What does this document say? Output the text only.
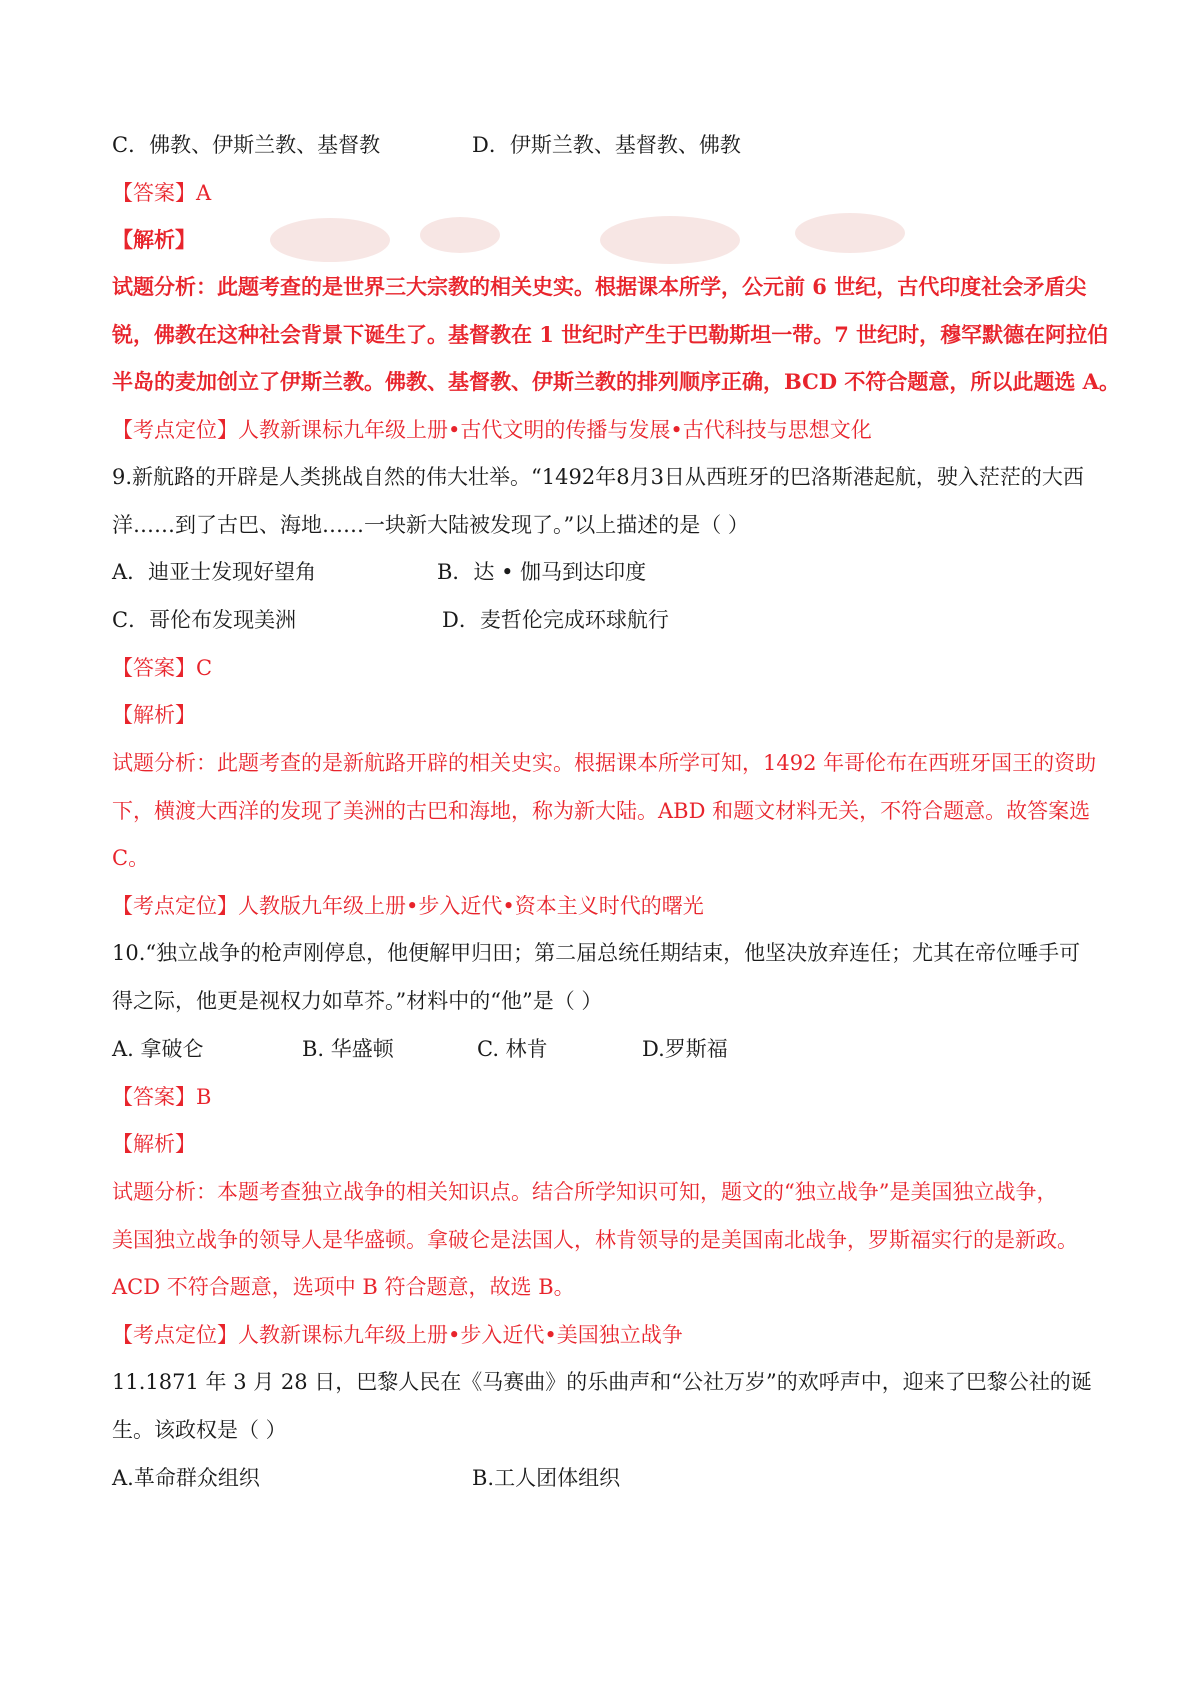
C．佛教、伊斯兰教、基督教	D．伊斯兰教、基督教、佛教
【答案】A
【解析】
试题分析：此题考查的是世界三大宗教的相关史实。根据课本所学，公元前 6 世纪，古代印度社会矛盾尖
锐，佛教在这种社会背景下诞生了。基督教在 1 世纪时产生于巴勒斯坦一带。7 世纪时，穆罕默德在阿拉伯
半岛的麦加创立了伊斯兰教。佛教、基督教、伊斯兰教的排列顺序正确，BCD 不符合题意，所以此题选 A。
【考点定位】人教新课标九年级上册•古代文明的传播与发展•古代科技与思想文化
9.新航路的开辟是人类挑战自然的伟大壮举。“1492年8月3日从西班牙的巴洛斯港起航，驶入茫茫的大西
洋……到了古巴、海地……一块新大陆被发现了。”以上描述的是（ ）
A．迪亚士发现好望角	B．达 • 伽马到达印度
C．哥伦布发现美洲	D．麦哲伦完成环球航行
【答案】C
【解析】
试题分析：此题考查的是新航路开辟的相关史实。根据课本所学可知，1492 年哥伦布在西班牙国王的资助
下，横渡大西洋的发现了美洲的古巴和海地，称为新大陆。ABD 和题文材料无关，不符合题意。故答案选
C。
【考点定位】人教版九年级上册•步入近代•资本主义时代的曙光
10.“独立战争的枪声刚停息，他便解甲归田；第二届总统任期结束，他坚决放弃连任；尤其在帝位唾手可
得之际，他更是视权力如草芥。”材料中的“他”是（ ）
A. 拿破仑	B. 华盛顿	C. 林肯	D.罗斯福
【答案】B
【解析】
试题分析：本题考查独立战争的相关知识点。结合所学知识可知，题文的“独立战争”是美国独立战争，
美国独立战争的领导人是华盛顿。拿破仑是法国人，林肯领导的是美国南北战争，罗斯福实行的是新政。
ACD 不符合题意，选项中 B 符合题意，故选 B。
【考点定位】人教新课标九年级上册•步入近代•美国独立战争
11.1871 年 3 月 28 日，巴黎人民在《马赛曲》的乐曲声和“公社万岁”的欢呼声中，迎来了巴黎公社的诞
生。该政权是（ ）
A.革命群众组织	B.工人团体组织
